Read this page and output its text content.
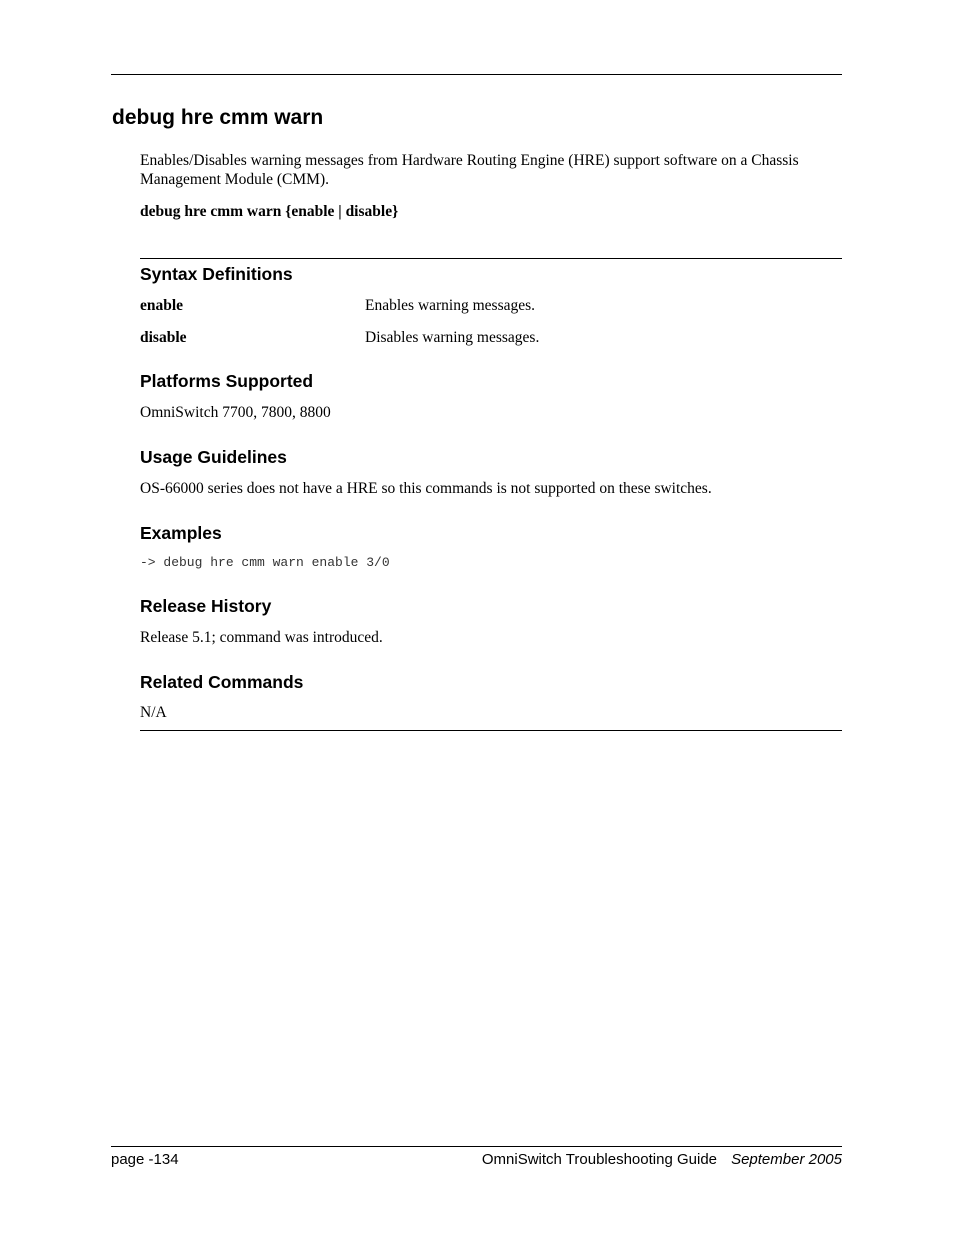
debug hre cmm warn
Enables/Disables warning messages from Hardware Routing Engine (HRE) support software on a Chassis
Management Module (CMM).
debug hre cmm warn {enable | disable}
Syntax Definitions
enable	Enables warning messages.
disable	Disables warning messages.
Platforms Supported
OmniSwitch 7700, 7800, 8800
Usage Guidelines
OS-66000 series does not have a HRE so this commands is not supported on these switches.
Examples
-> debug hre cmm warn enable 3/0
Release History
Release 5.1; command was introduced.
Related Commands
N/A
page -134	OmniSwitch Troubleshooting Guide September 2005
